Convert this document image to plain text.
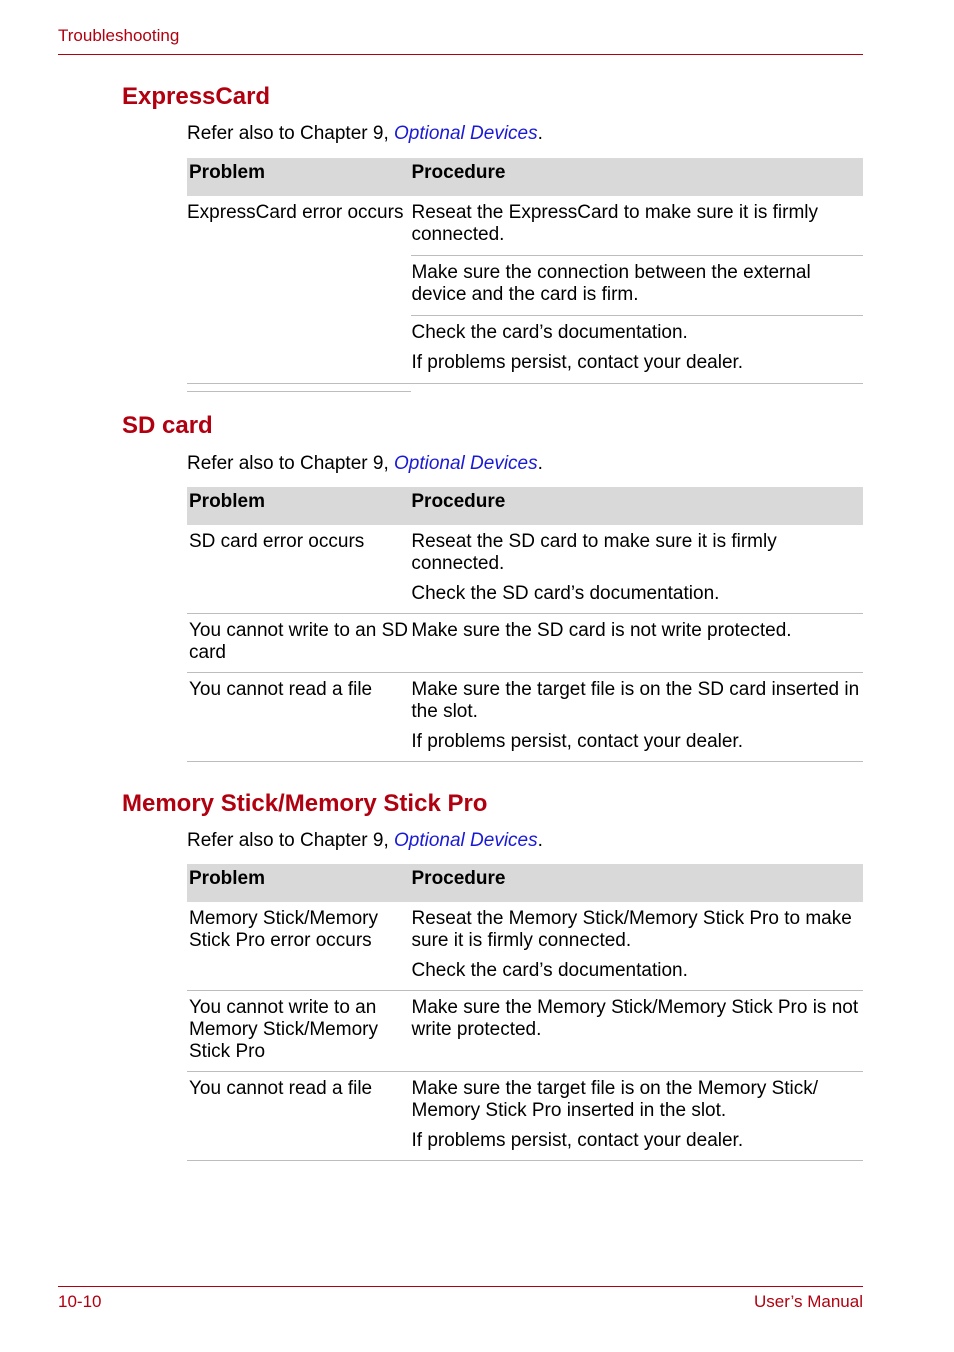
Troubleshooting
ExpressCard
Refer also to Chapter 9, Optional Devices.
Problem	Procedure
ExpressCard error occurs	Reseat the ExpressCard to make sure it is firmly connected.

	Make sure the connection between the external device and the card is firm.

	Check the card’s documentation.
If problems persist, contact your dealer.
SD card
Refer also to Chapter 9, Optional Devices.
Problem	Procedure
SD card error occurs	Reseat the SD card to make sure it is firmly connected.
Check the SD card’s documentation.

You cannot write to an SD card	Make sure the SD card is not write protected.

You cannot read a file	Make sure the target file is on the SD card inserted in the slot.
If problems persist, contact your dealer.
Memory Stick/Memory Stick Pro
Refer also to Chapter 9, Optional Devices.
Problem	Procedure
Memory Stick/Memory Stick Pro error occurs	Reseat the Memory Stick/Memory Stick Pro to make sure it is firmly connected.
Check the card’s documentation.

You cannot write to an Memory Stick/Memory Stick Pro	Make sure the Memory Stick/Memory Stick Pro is not write protected.

You cannot read a file	Make sure the target file is on the Memory Stick/ Memory Stick Pro inserted in the slot.
If problems persist, contact your dealer.
10-10	User’s Manual
